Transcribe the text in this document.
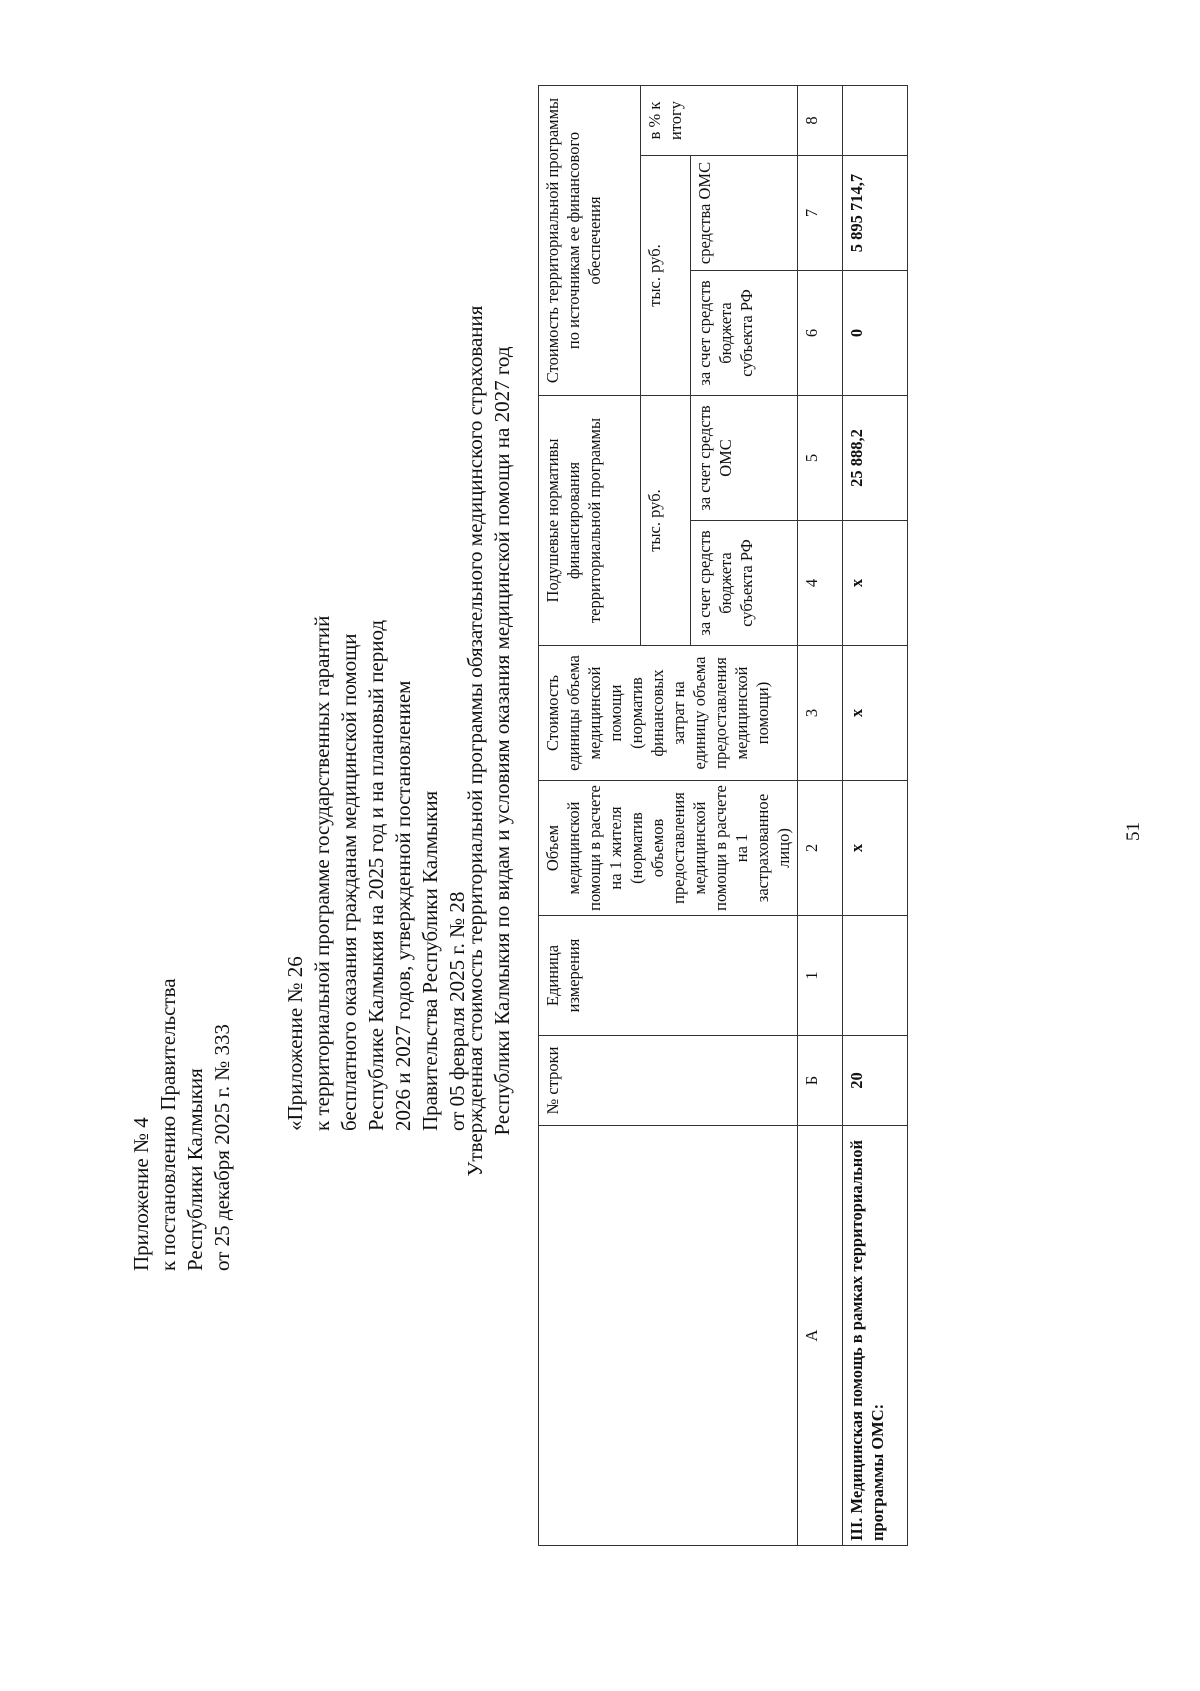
Приложение № 4 к постановлению Правительства Республики Калмыкия от 25 декабря 2025 г. № 333 «Приложение № 26 к территориальной программе государственных гарантий бесплатного оказания гражданам медицинской помощи Республике Калмыкия на 2025 год и на плановый период 2026 и 2027 годов, утвержденной постановлением Правительства Республики Калмыкия от 05 февраля 2025 г. № 28
Утвержденная стоимость территориальной программы обязательного медицинского страхования Республики Калмыкия по видам и условиям оказания медицинской помощи на 2027 год
	№ строки	Единица измерения	Объем медицинской помощи в расчете на 1 жителя (норматив объемов предоставления медицинской помощи в расчете на 1 застрахованное лицо)	Стоимость единицы объема медицинской помощи (норматив финансовых затрат на единицу объема предоставления медицинской помощи)	Подушевые нормативы финансирования территориальной программы		Стоимость территориальной программы по источникам ее финансового обеспечения		
					тыс. руб.		тыс. руб.		в % к итогу
					за счет средств бюджета субъекта РФ	за счет средств ОМС	за счет средств бюджета субъекта РФ	средства ОМС	
А	Б	1	2	3	4	5	6	7	8
III. Медицинская помощь в рамках территориальной программы ОМС:	20		x	x	x	25 888,2	0	5 895 714,7	
51
